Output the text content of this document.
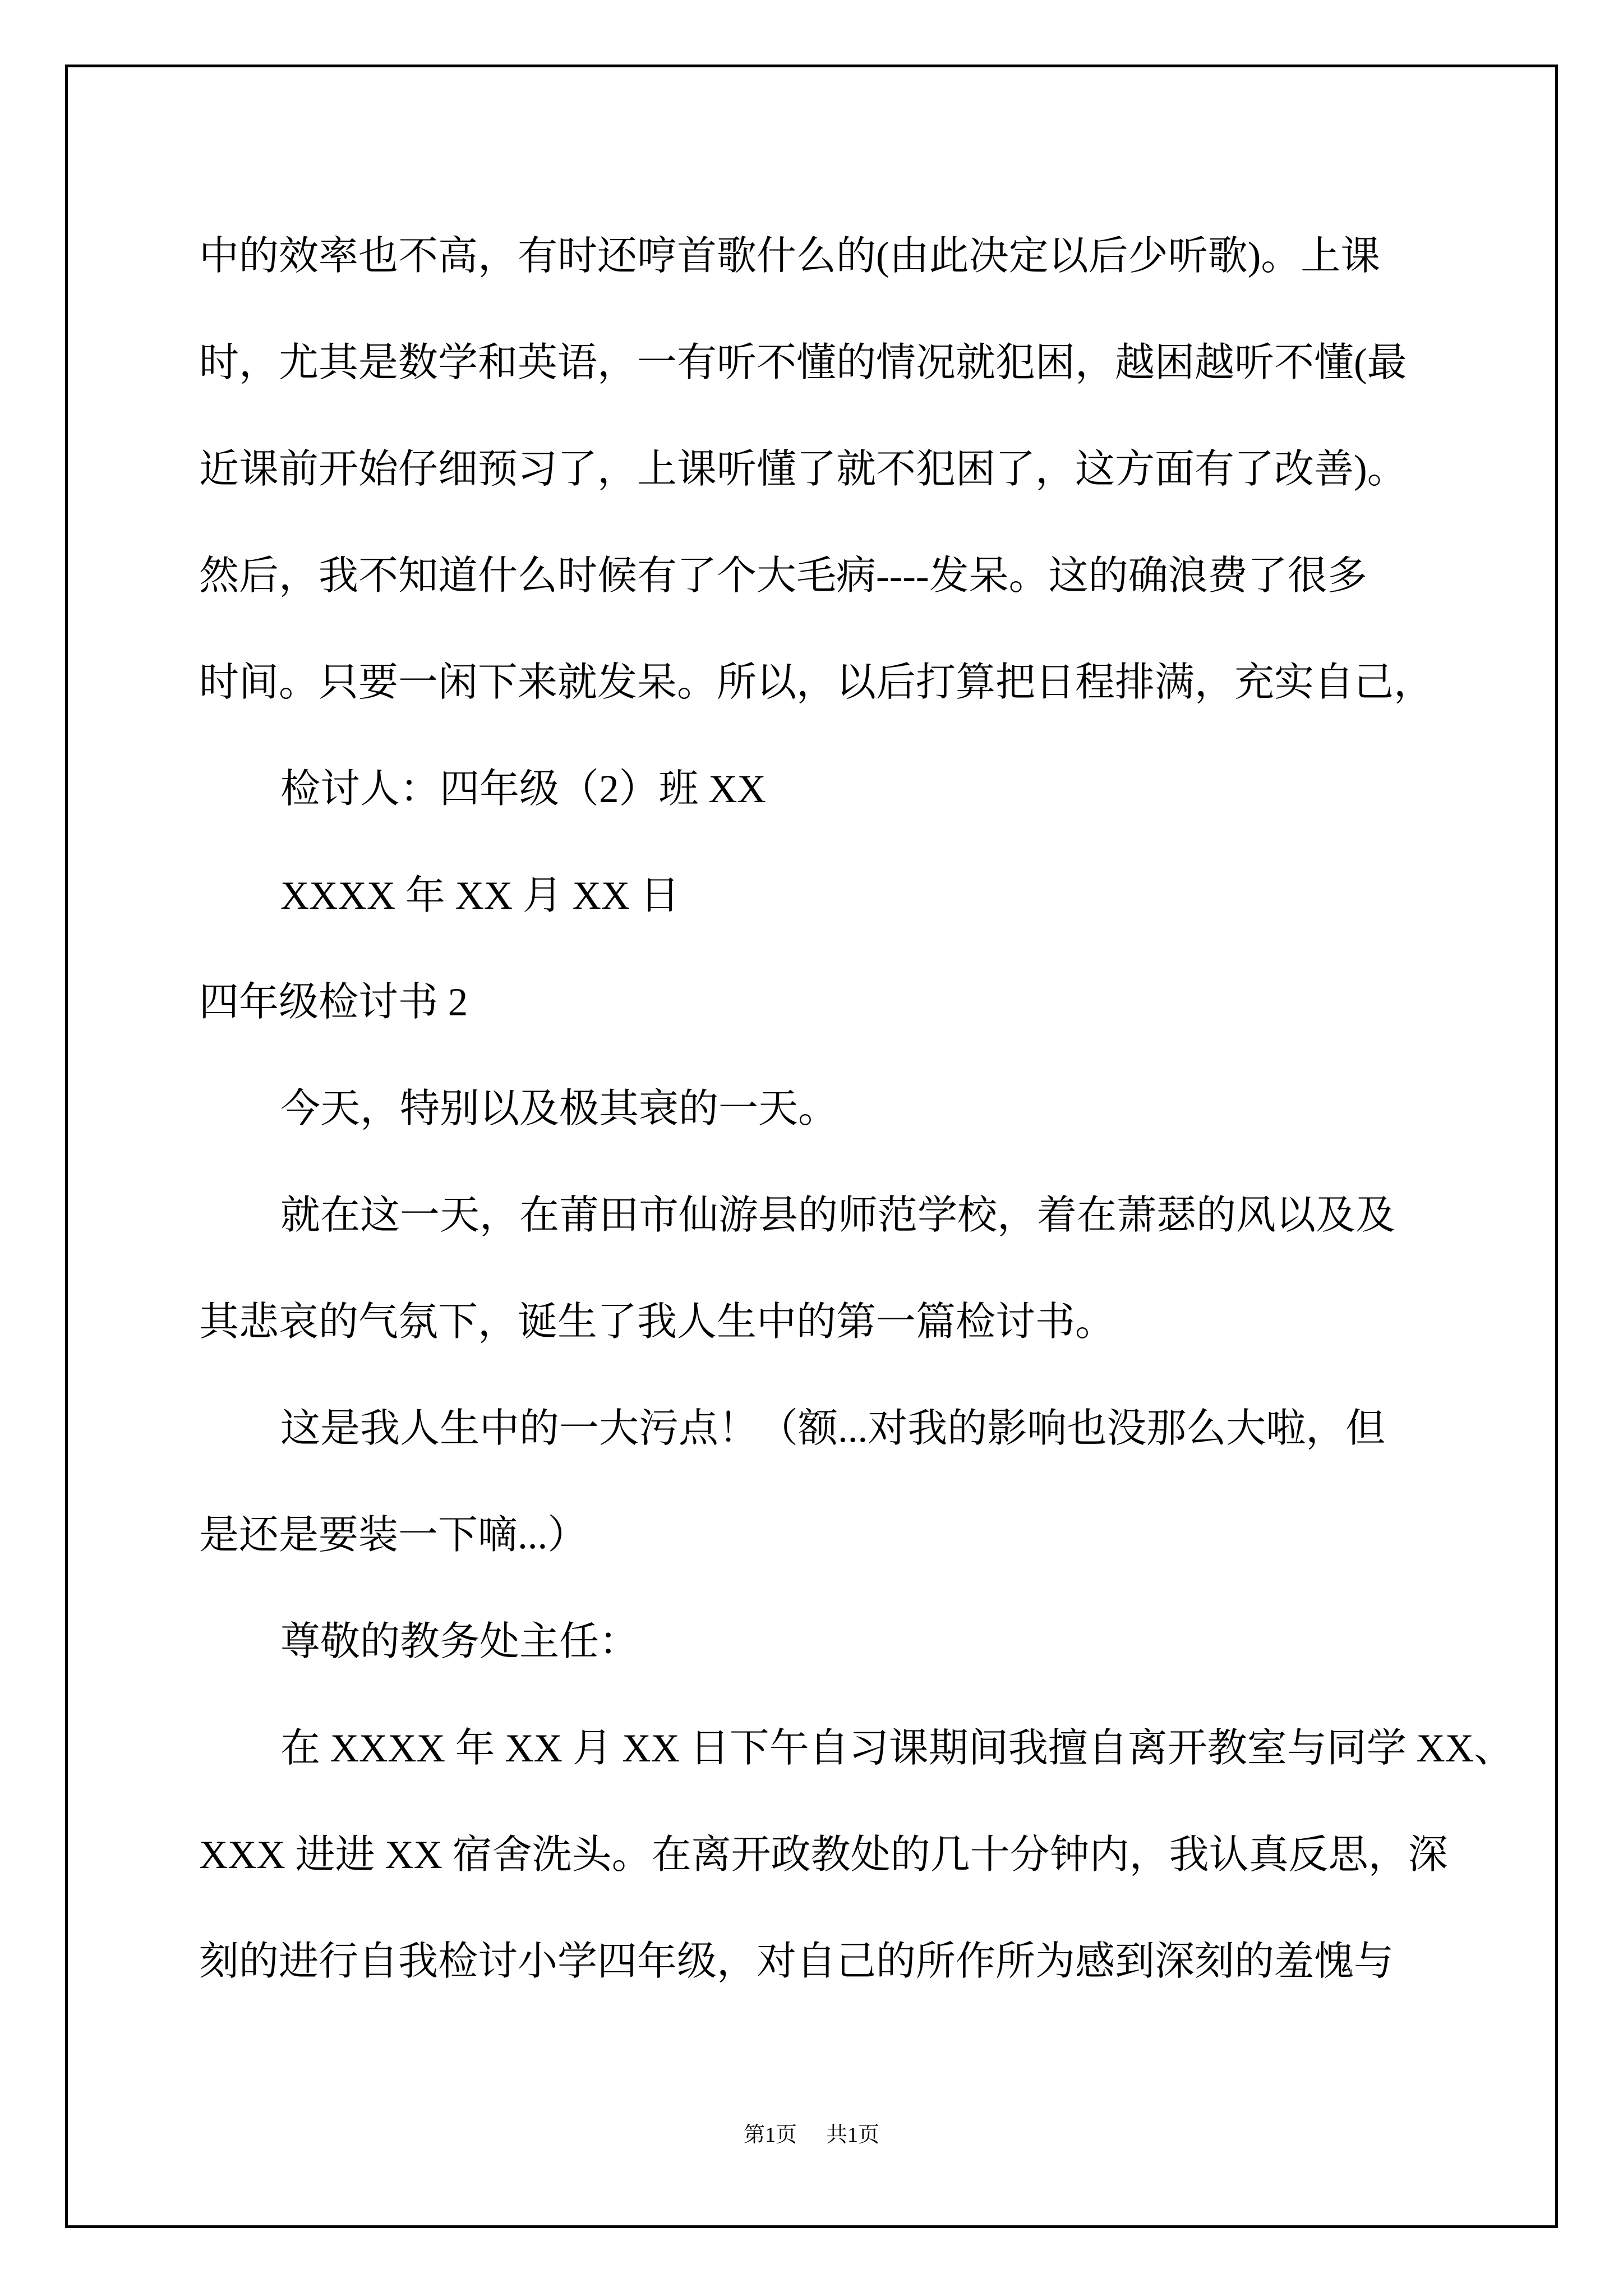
中的效率也不高，有时还哼首歌什么的(由此决定以后少听歌)。上课
时，尤其是数学和英语，一有听不懂的情况就犯困，越困越听不懂(最
近课前开始仔细预习了，上课听懂了就不犯困了，这方面有了改善)。
然后，我不知道什么时候有了个大毛病----发呆。这的确浪费了很多
时间。只要一闲下来就发呆。所以，以后打算把日程排满，充实自己，
检讨人：四年级（2）班 XX
XXXX 年 XX 月 XX 日
四年级检讨书 2
今天，特别以及极其衰的一天。
就在这一天，在莆田市仙游县的师范学校，着在萧瑟的风以及及
其悲哀的气氛下，诞生了我人生中的第一篇检讨书。
这是我人生中的一大污点！（额...对我的影响也没那么大啦，但
是还是要装一下嘀...）
尊敬的教务处主任：
在 XXXX 年 XX 月 XX 日下午自习课期间我擅自离开教室与同学 XX、
XXX 进进 XX 宿舍洗头。在离开政教处的几十分钟内，我认真反思，深
刻的进行自我检讨小学四年级，对自己的所作所为感到深刻的羞愧与
第1页 共1页
